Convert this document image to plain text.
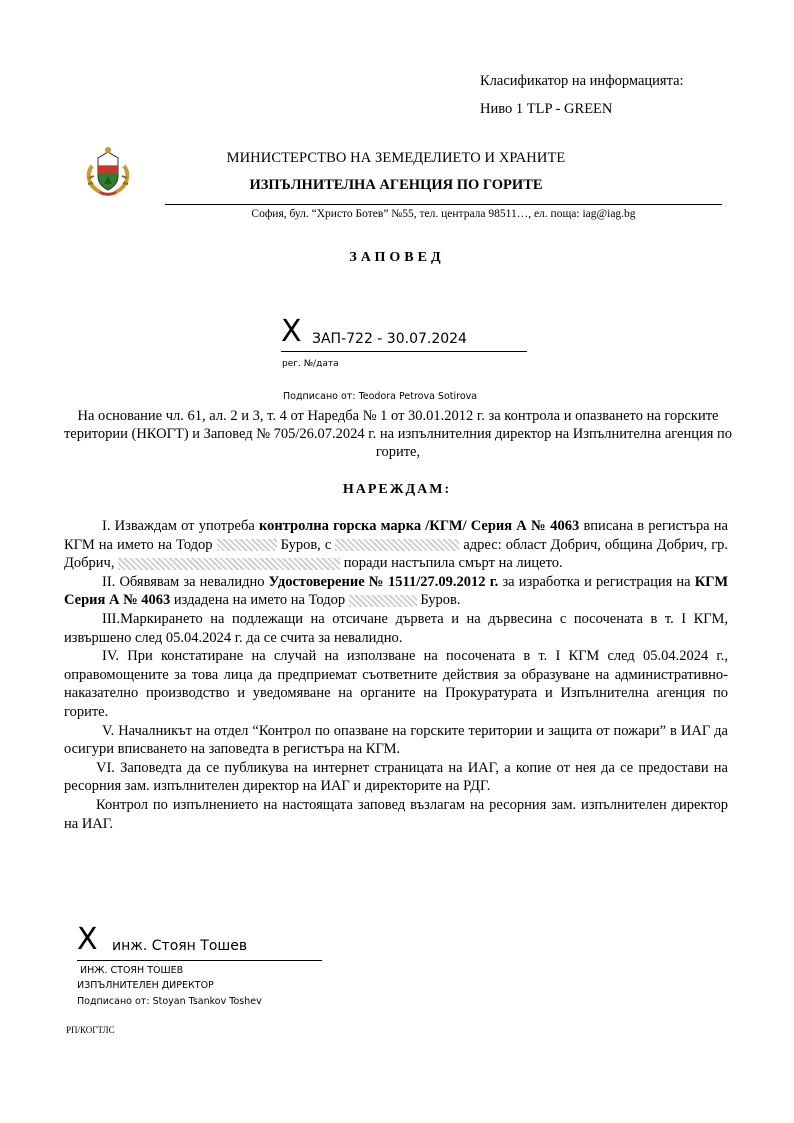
Класификатор на информацията:
Ниво 1 TLP - GREEN
МИНИСТЕРСТВО НА ЗЕМЕДЕЛИЕТО И ХРАНИТЕ
ИЗПЪЛНИТЕЛНА АГЕНЦИЯ ПО ГОРИТЕ
София, бул. “Христо Ботев” №55, тел. централа 98511…, ел. поща: iag@iag.bg
ЗАПОВЕД
X ЗАП-722 - 30.07.2024
рег. №/дата
Подписано от: Teodora Petrova Sotirova
На основание чл. 61, ал. 2 и 3, т. 4 от Наредба № 1 от 30.01.2012 г. за контрола и опазването на горските територии (НКОГТ) и Заповед № 705/26.07.2024 г. на изпълнителния директор на Изпълнителна агенция по горите,
НАРЕЖДАМ:

I. Изваждам от употреба контролна горска марка /КГМ/ Серия А № 4063 вписана в регистъра на КГМ на името на Тодор	Буров, с	адрес: област Добрич, община Добрич, гр. Добрич,	поради настъпила смърт на лицето.

II. Обявявам за невалидно Удостоверение № 1511/27.09.2012 г. за изработка и регистрация на КГМ Серия А № 4063 издадена на името на Тодор	Буров.

III.Маркирането на подлежащи на отсичане дървета и на дървесина с посочената в т. I КГМ, извършено след 05.04.2024 г. да се счита за невалидно.

IV. При констатиране на случай на използване на посочената в т. I КГМ след 05.04.2024 г., оправомощените за това лица да предприемат съответните действия за образуване на административно-наказателно производство и уведомяване на органите на Прокуратурата и Изпълнителна агенция по горите.

V. Началникът на отдел “Контрол по опазване на горските територии и защита от пожари” в ИАГ да осигури вписването на заповедта в регистъра на КГМ.

VI. Заповедта да се публикува на интернет страницата на ИАГ, а копие от нея да се предостави на ресорния зам. изпълнителен директор на ИАГ и директорите на РДГ.

Контрол по изпълнението на настоящата заповед възлагам на ресорния зам. изпълнителен директор на ИАГ.

X инж. Стоян Тошев
ИНЖ. СТОЯН ТОШЕВ
ИЗПЪЛНИТЕЛЕН ДИРЕКТОР
Подписано от: Stoyan Tsankov Toshev
РП/КОГТЛС
